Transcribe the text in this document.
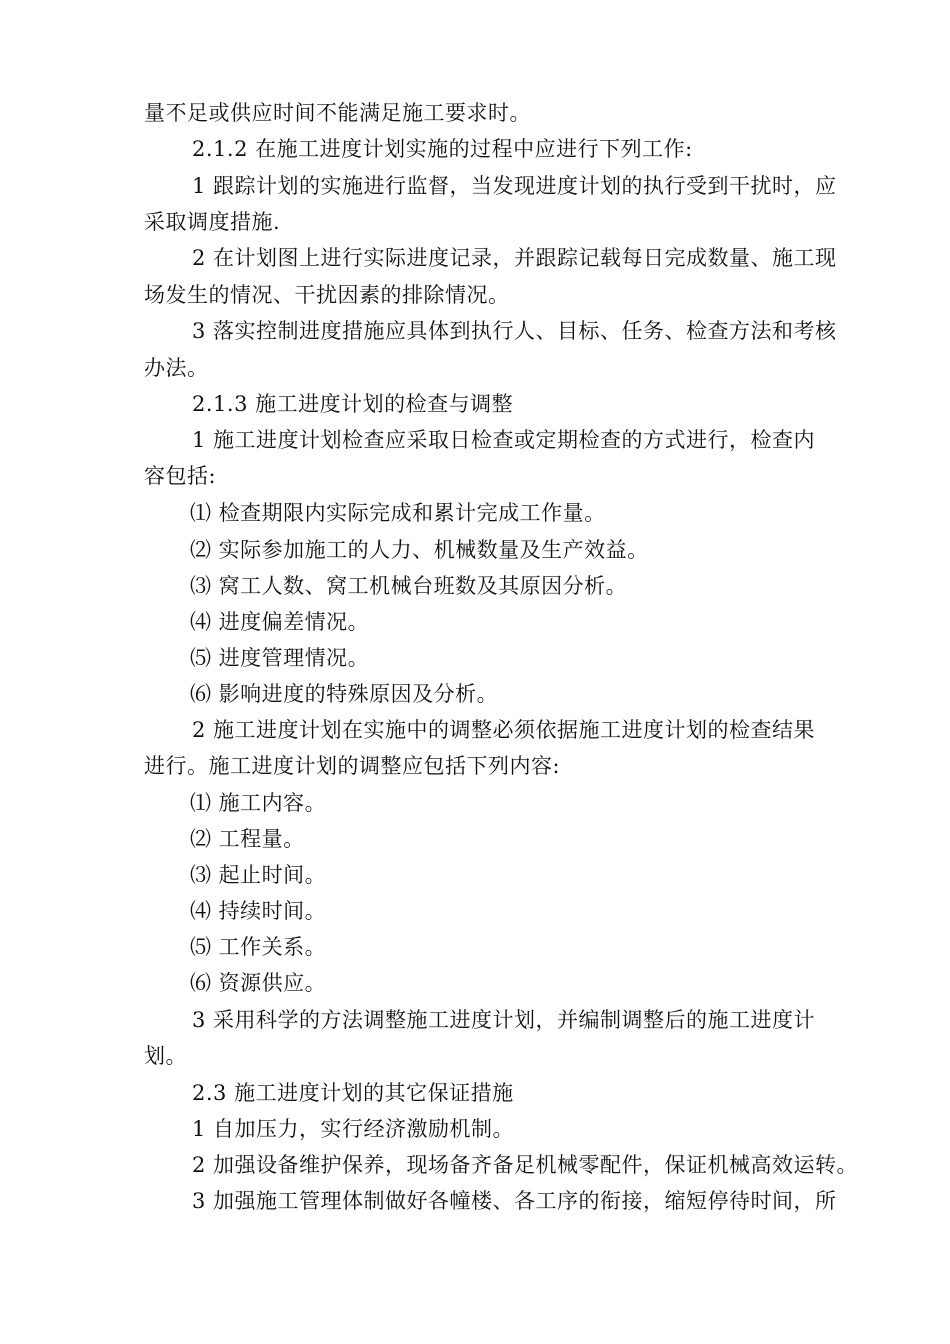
量不足或供应时间不能满足施工要求时。

2.1.2 在施工进度计划实施的过程中应进行下列工作:

1 跟踪计划的实施进行监督，当发现进度计划的执行受到干扰时，应

采取调度措施.

2 在计划图上进行实际进度记录，并跟踪记载每日完成数量、施工现

场发生的情况、干扰因素的排除情况。

3 落实控制进度措施应具体到执行人、目标、任务、检查方法和考核

办法。

2.1.3 施工进度计划的检查与调整

1 施工进度计划检查应采取日检查或定期检查的方式进行，检查内

容包括:

⑴ 检查期限内实际完成和累计完成工作量。

⑵ 实际参加施工的人力、机械数量及生产效益。

⑶ 窝工人数、窝工机械台班数及其原因分析。

⑷ 进度偏差情况。

⑸ 进度管理情况。

⑹ 影响进度的特殊原因及分析。

2 施工进度计划在实施中的调整必须依据施工进度计划的检查结果

进行。施工进度计划的调整应包括下列内容:

⑴ 施工内容。

⑵ 工程量。

⑶ 起止时间。

⑷ 持续时间。

⑸ 工作关系。

⑹ 资源供应。

3 采用科学的方法调整施工进度计划，并编制调整后的施工进度计

划。

2.3 施工进度计划的其它保证措施

1 自加压力，实行经济激励机制。

2 加强设备维护保养，现场备齐备足机械零配件，保证机械高效运转。

3 加强施工管理体制做好各幢楼、各工序的衔接，缩短停待时间，所
